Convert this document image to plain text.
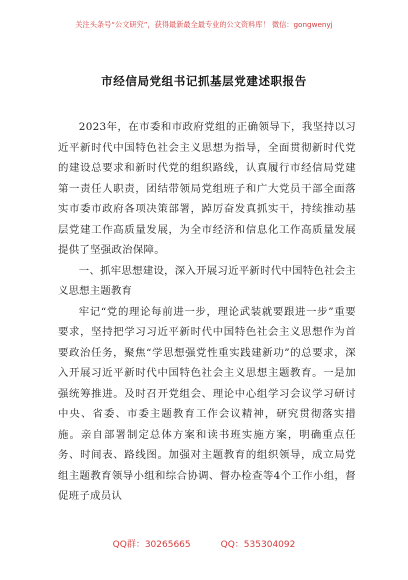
关注头条号“公文研究”，获得最新最全最专业的公文资料库！ 微信：gongwenyj
市经信局党组书记抓基层党建述职报告

2023年，在市委和市政府党组的正确领导下，我坚持以习近平新时代中国特色社会主义思想为指导，全面贯彻新时代党的建设总要求和新时代党的组织路线，认真履行市经信局党建第一责任人职责，团结带领局党组班子和广大党员干部全面落实市委市政府各项决策部署，踔厉奋发真抓实干，持续推动基层党建工作高质量发展，为全市经济和信息化工作高质量发展提供了坚强政治保障。

一、抓牢思想建设，深入开展习近平新时代中国特色社会主义思想主题教育

牢记“党的理论每前进一步，理论武装就要跟进一步”重要要求，坚持把学习习近平新时代中国特色社会主义思想作为首要政治任务，聚焦“学思想强党性重实践建新功”的总要求，深入开展习近平新时代中国特色社会主义思想主题教育。一是加强统筹推进。及时召开党组会、理论中心组学习会议学习研讨中央、省委、市委主题教育工作会议精神，研究贯彻落实措施。亲自部署制定总体方案和读书班实施方案，明确重点任务、时间表、路线图。加强对主题教育的组织领导，成立局党组主题教育领导小组和综合协调、督办检查等4个工作小组，督促班子成员认

QQ群：30265665	QQ：535304092
